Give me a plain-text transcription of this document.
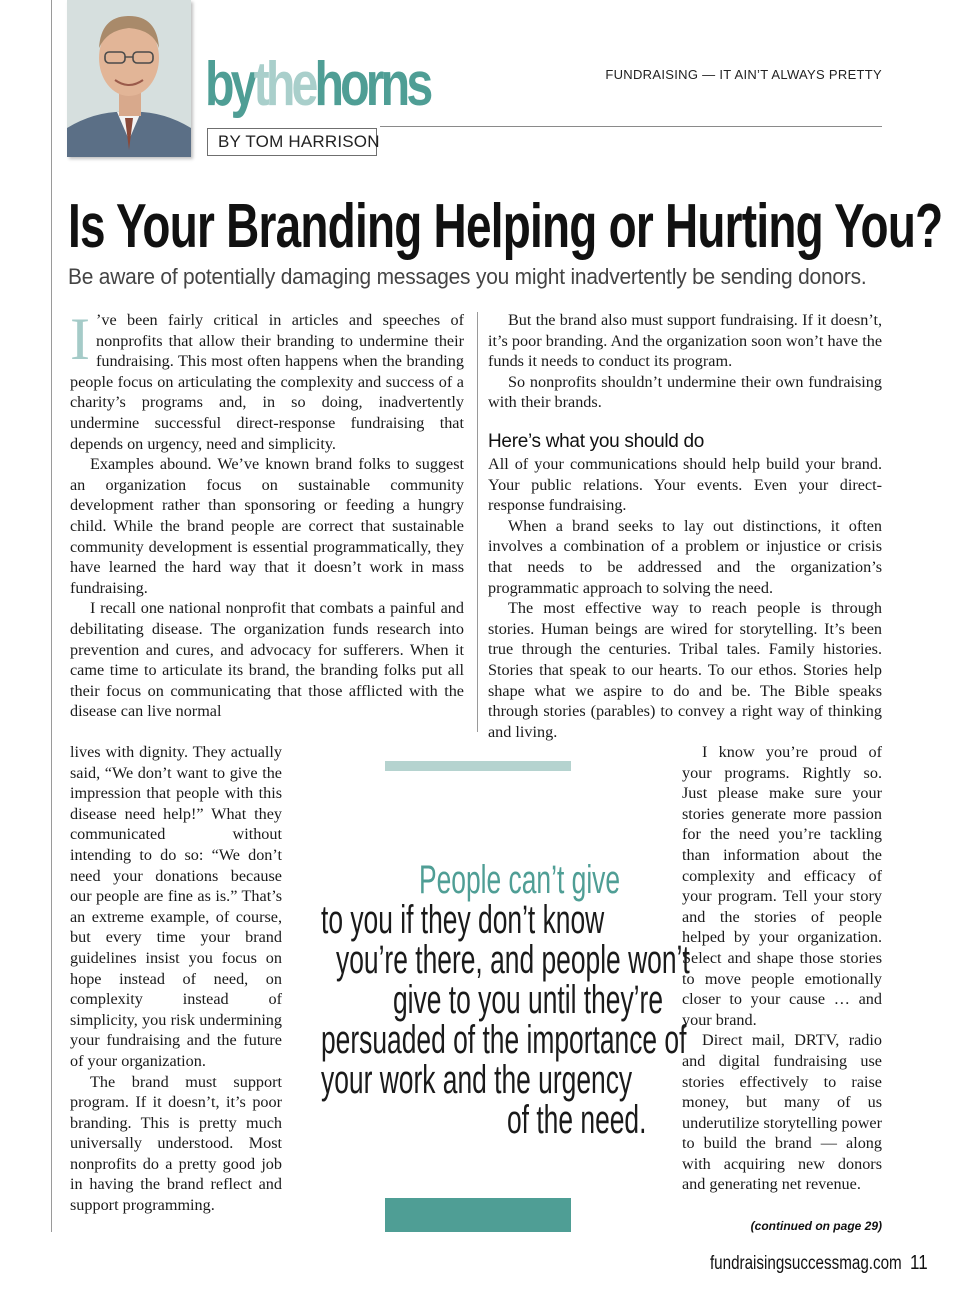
bythehorns
BY TOM HARRISON
FUNDRAISING — IT AIN’T ALWAYS PRETTY
Is Your Branding Helping or Hurting You?
Be aware of potentially damaging messages you might inadvertently be sending donors.

I ’ve been fairly critical in articles and speeches of nonprofits that allow their branding to undermine their fundraising. This most often happens when the branding people focus on articulating the complexity and success of a charity’s programs and, in so doing, inadvertently undermine successful direct-response fundraising that depends on urgency, need and simplicity.

Examples abound. We’ve known brand folks to suggest an organization focus on sustainable community development rather than sponsoring or feeding a hungry child. While the brand people are correct that sustainable community development is essential programmatically, they have learned the hard way that it doesn’t work in mass fundraising.

I recall one national nonprofit that combats a painful and debilitating disease. The organization funds research into prevention and cures, and advocacy for sufferers. When it came time to articulate its brand, the branding folks put all their focus on communicating that those afflicted with the disease can live normal

lives with dignity. They actually said, “We don’t want to give the impression that people with this disease need help!” What they communicated without intending to do so: “We don’t need your donations because our people are fine as is.” That’s an extreme example, of course, but every time your brand guidelines insist you focus on hope instead of need, on complexity instead of simplicity, you risk undermining your fundraising and the future of your organization.

The brand must support program. If it doesn’t, it’s poor branding. This is pretty much universally understood. Most nonprofits do a pretty good job in having the brand reflect and support programming.

But the brand also must support fundraising. If it doesn’t, it’s poor branding. And the organization soon won’t have the funds it needs to conduct its program.

So nonprofits shouldn’t undermine their own fundraising with their brands.

Here’s what you should do

All of your communications should help build your brand. Your public relations. Your events. Even your direct-response fundraising.

When a brand seeks to lay out distinctions, it often involves a combination of a problem or injustice or crisis that needs to be addressed and the organization’s programmatic approach to solving the need.

The most effective way to reach people is through stories. Human beings are wired for storytelling. It’s been true through the centuries. Tribal tales. Family histories. Stories that speak to our hearts. To our ethos. Stories help shape what we aspire to do and be. The Bible speaks through stories (parables) to convey a right way of thinking and living.

I know you’re proud of your programs. Rightly so. Just please make sure your stories generate more passion for the need you’re tackling than information about the complexity and efficacy of your program. Tell your story and the stories of people helped by your organization. Select and shape those stories to move people emotionally closer to your cause … and your brand.

Direct mail, DRTV, radio and digital fundraising use stories effectively to raise money, but many of us underutilize storytelling power to build the brand — along with acquiring new donors and generating net revenue.

(continued on page 29)
People can’t give
to you if they don’t know
you’re there, and people won’t
give to you until they’re
persuaded of the importance of
your work and the urgency
of the need.
fundraisingsuccessmag.com 11
